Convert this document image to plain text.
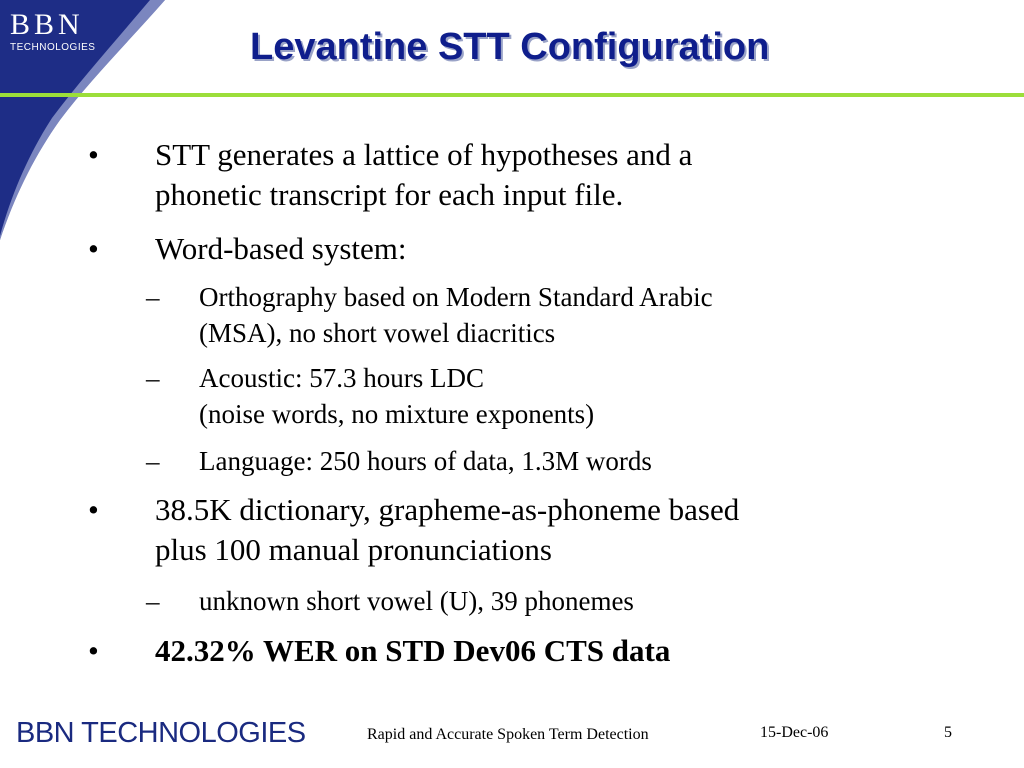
BBN
TECHNOLOGIES	Levantine STT Configuration
• STT generates a lattice of hypotheses and a
phonetic transcript for each input file.
• Word-based system:
– Orthography based on Modern Standard Arabic
(MSA), no short vowel diacritics
– Acoustic: 57.3 hours LDC
(noise words, no mixture exponents)
– Language: 250 hours of data, 1.3M words
• 38.5K dictionary, grapheme-as-phoneme based
plus 100 manual pronunciations
– unknown short vowel (U), 39 phonemes
• 42.32% WER on STD Dev06 CTS data
BBN TECHNOLOGIES	Rapid and Accurate Spoken Term Detection	15-Dec-06	5
